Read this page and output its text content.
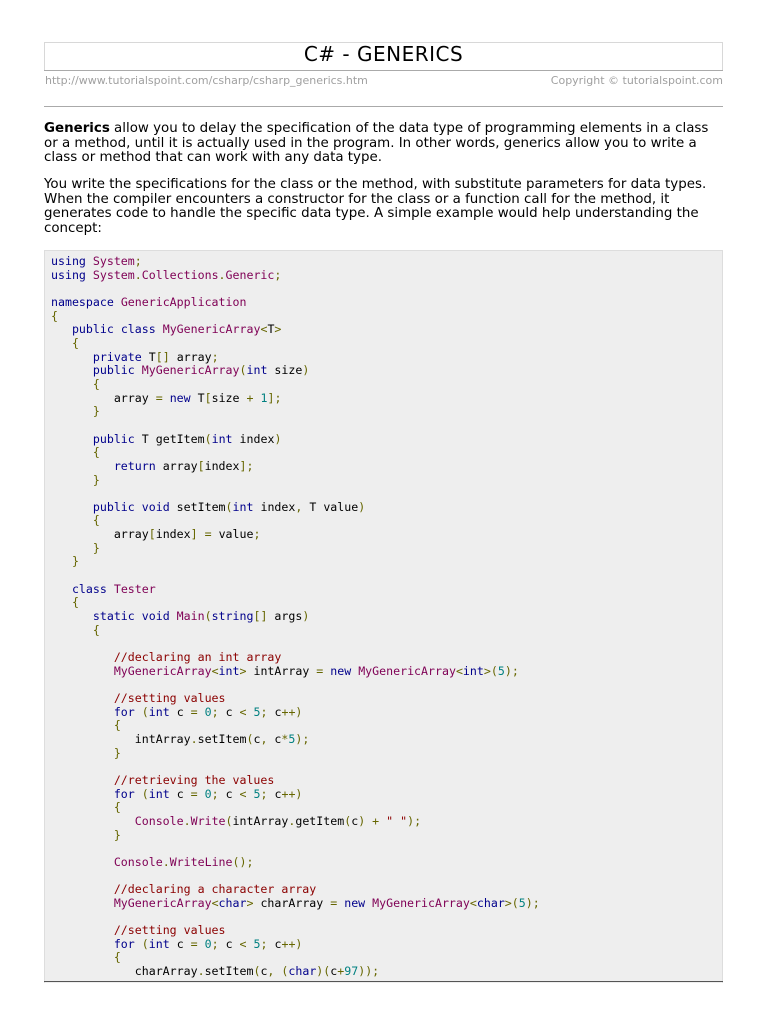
C# - GENERICS
http://www.tutorialspoint.com/csharp/csharp_generics.htm	Copyright © tutorialspoint.com

Generics allow you to delay the specification of the data type of programming elements in a class or a method, until it is actually used in the program. In other words, generics allow you to write a class or method that can work with any data type.

You write the specifications for the class or the method, with substitute parameters for data types. When the compiler encounters a constructor for the class or a function call for the method, it generates code to handle the specific data type. A simple example would help understanding the concept:

using System;
using System.Collections.Generic;

namespace GenericApplication
{
public class MyGenericArray<T>
{
private T[] array;
public MyGenericArray(int size)
{
array = new T[size + 1];
}

public T getItem(int index)
{
return array[index];
}

public void setItem(int index, T value)
{
array[index] = value;
}
}

class Tester
{
static void Main(string[] args)
{

//declaring an int array
MyGenericArray<int> intArray = new MyGenericArray<int>(5);

//setting values
for (int c = 0; c < 5; c++)
{
intArray.setItem(c, c*5);
}

//retrieving the values
for (int c = 0; c < 5; c++)
{
Console.Write(intArray.getItem(c) + " ");
}

Console.WriteLine();

//declaring a character array
MyGenericArray<char> charArray = new MyGenericArray<char>(5);

//setting values
for (int c = 0; c < 5; c++)
{
charArray.setItem(c, (char)(c+97));
